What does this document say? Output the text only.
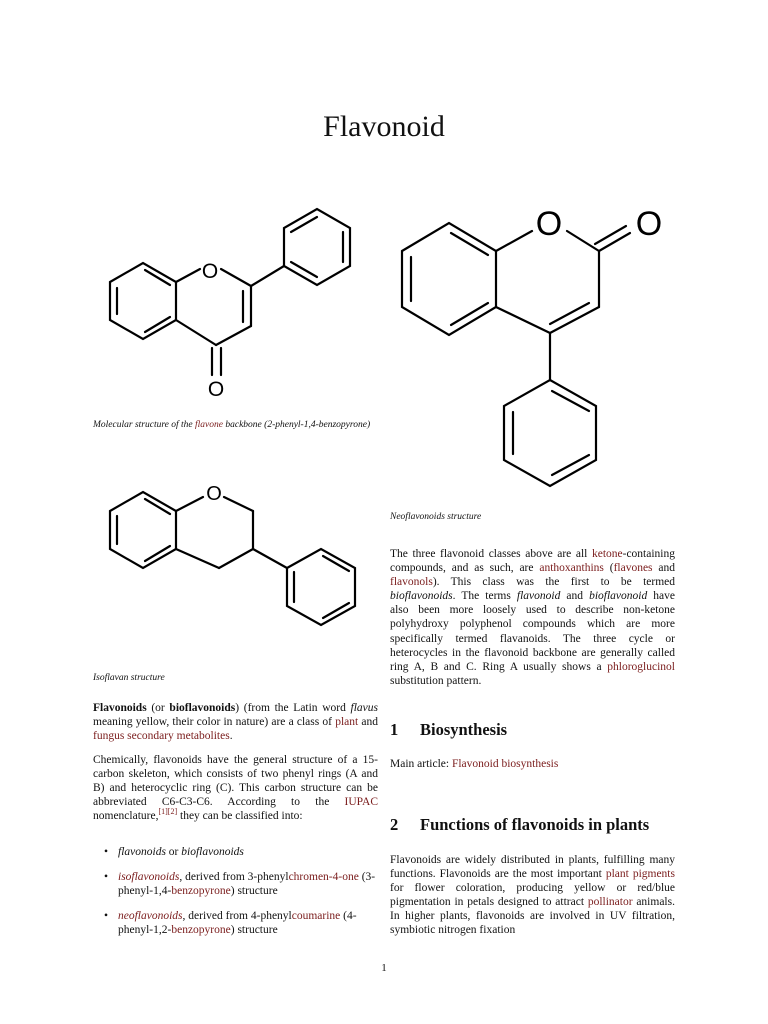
Flavonoid
O
O
Molecular structure of the flavone backbone (2-phenyl-1,4-benzopyrone)
O
Isoflavan structure
O O
Neoflavonoids structure
Flavonoids (or bioflavonoids) (from the Latin word flavus meaning yellow, their color in nature) are a class of plant and fungus secondary metabolites.
Chemically, flavonoids have the general structure of a 15-carbon skeleton, which consists of two phenyl rings (A and B) and heterocyclic ring (C). This carbon structure can be abbreviated C6-C3-C6. According to the IUPAC nomenclature,[1][2] they can be classified into:
• flavonoids or bioflavonoids
• isoflavonoids, derived from 3-phenylchromen-4-one (3-phenyl-1,4-benzopyrone) structure
• neoflavonoids, derived from 4-phenylcoumarine (4-phenyl-1,2-benzopyrone) structure
The three flavonoid classes above are all ketone-containing compounds, and as such, are anthoxanthins (flavones and flavonols). This class was the first to be termed bioflavonoids. The terms flavonoid and bioflavonoid have also been more loosely used to describe non-ketone polyhydroxy polyphenol compounds which are more specifically termed flavanoids. The three cycle or heterocycles in the flavonoid backbone are generally called ring A, B and C. Ring A usually shows a phloroglucinol substitution pattern.
1 Biosynthesis
Main article: Flavonoid biosynthesis
2 Functions of flavonoids in plants
Flavonoids are widely distributed in plants, fulfilling many functions. Flavonoids are the most important plant pigments for flower coloration, producing yellow or red/blue pigmentation in petals designed to attract pollinator animals. In higher plants, flavonoids are involved in UV filtration, symbiotic nitrogen fixation
1
